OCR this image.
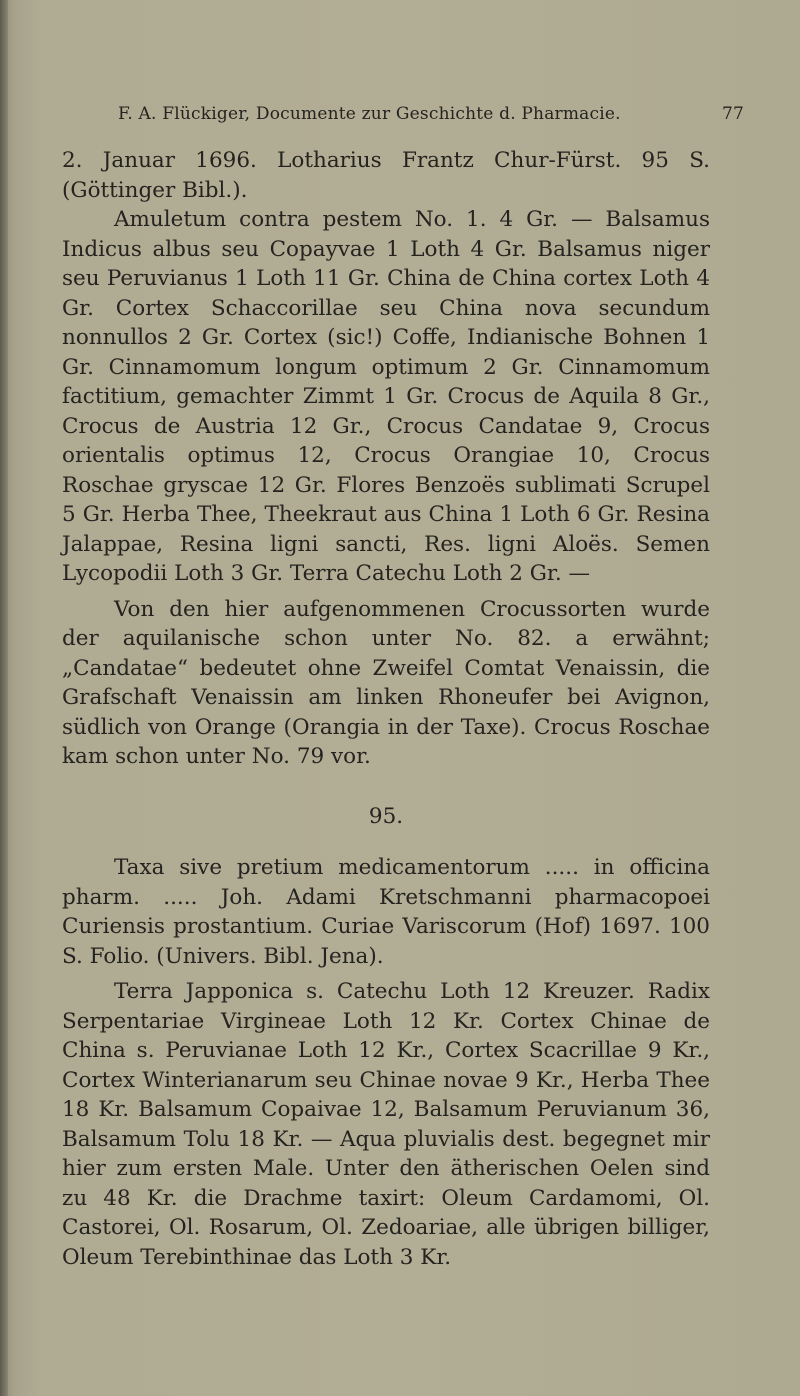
F. A. Flückiger, Documente zur Geschichte d. Pharmacie.	77

2. Januar 1696. Lotharius Frantz Chur-Fürst. 95 S. (Göttinger Bibl.).

Amuletum contra pestem No. 1. 4 Gr. — Balsamus Indicus albus seu Copayvae 1 Loth 4 Gr. Balsamus niger seu Peruvianus 1 Loth 11 Gr. China de China cortex Loth 4 Gr. Cortex Schaccorillae seu China nova secundum nonnullos 2 Gr. Cortex (sic!) Coffe, Indianische Bohnen 1 Gr. Cinnamomum longum optimum 2 Gr. Cinnamomum factitium, gemachter Zimmt 1 Gr. Crocus de Aquila 8 Gr., Crocus de Austria 12 Gr., Crocus Candatae 9, Crocus orientalis optimus 12, Crocus Orangiae 10, Crocus Roschae gryscae 12 Gr. Flores Benzoës sublimati Scrupel 5 Gr. Herba Thee, Theekraut aus China 1 Loth 6 Gr. Resina Jalappae, Resina ligni sancti, Res. ligni Aloës. Semen Lycopodii Loth 3 Gr. Terra Catechu Loth 2 Gr. —

Von den hier aufgenommenen Crocussorten wurde der aquilanische schon unter No. 82. a erwähnt; „Candatae“ bedeutet ohne Zweifel Comtat Venaissin, die Grafschaft Venaissin am linken Rhoneufer bei Avignon, südlich von Orange (Orangia in der Taxe). Crocus Roschae kam schon unter No. 79 vor.

95.

Taxa sive pretium medicamentorum ..... in officina pharm. ..... Joh. Adami Kretschmanni pharmacopoei Curiensis prostantium. Curiae Variscorum (Hof) 1697. 100 S. Folio. (Univers. Bibl. Jena).

Terra Japponica s. Catechu Loth 12 Kreuzer. Radix Serpentariae Virgineae Loth 12 Kr. Cortex Chinae de China s. Peruvianae Loth 12 Kr., Cortex Scacrillae 9 Kr., Cortex Winterianarum seu Chinae novae 9 Kr., Herba Thee 18 Kr. Balsamum Copaivae 12, Balsamum Peruvianum 36, Balsamum Tolu 18 Kr. — Aqua pluvialis dest. begegnet mir hier zum ersten Male. Unter den ätherischen Oelen sind zu 48 Kr. die Drachme taxirt: Oleum Cardamomi, Ol. Castorei, Ol. Rosarum, Ol. Zedoariae, alle übrigen billiger, Oleum Terebinthinae das Loth 3 Kr.
